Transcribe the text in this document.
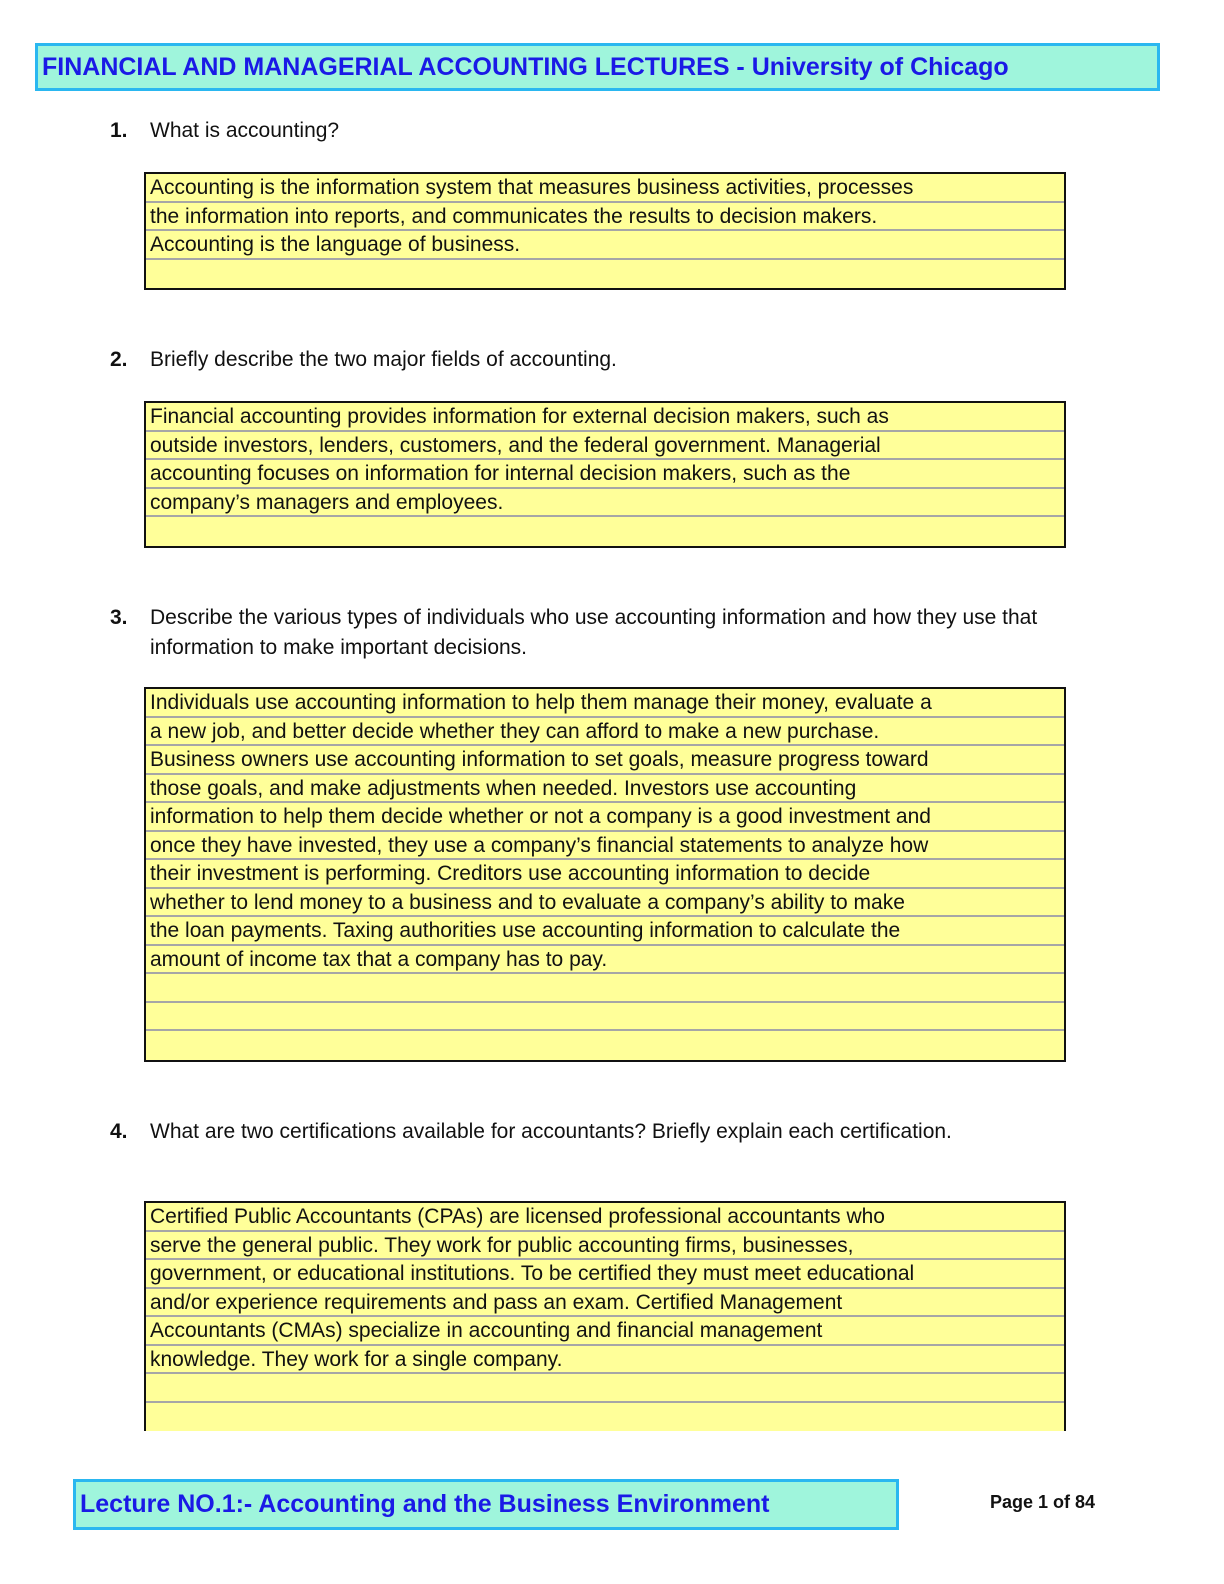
FINANCIAL AND MANAGERIAL ACCOUNTING LECTURES - University of Chicago
1.	What is accounting?
Accounting is the information system that measures business activities, processes
the information into reports, and communicates the results to decision makers.
Accounting is the language of business.
2.	Briefly describe the two major fields of accounting.
Financial accounting provides information for external decision makers, such as
outside investors, lenders, customers, and the federal government. Managerial
accounting focuses on information for internal decision makers, such as the
company’s managers and employees.
3.	Describe the various types of individuals who use accounting information and how they use that information to make important decisions.
Individuals use accounting information to help them manage their money, evaluate a
a new job, and better decide whether they can afford to make a new purchase.
Business owners use accounting information to set goals, measure progress toward
those goals, and make adjustments when needed. Investors use accounting
information to help them decide whether or not a company is a good investment and
once they have invested, they use a company’s financial statements to analyze how
their investment is performing. Creditors use accounting information to decide
whether to lend money to a business and to evaluate a company’s ability to make
the loan payments. Taxing authorities use accounting information to calculate the
amount of income tax that a company has to pay.
4.	What are two certifications available for accountants? Briefly explain each certification.
Certified Public Accountants (CPAs) are licensed professional accountants who
serve the general public. They work for public accounting firms, businesses,
government, or educational institutions. To be certified they must meet educational
and/or experience requirements and pass an exam. Certified Management
Accountants (CMAs) specialize in accounting and financial management
knowledge. They work for a single company.
Lecture NO.1:- Accounting and the Business Environment	Page 1 of 84
